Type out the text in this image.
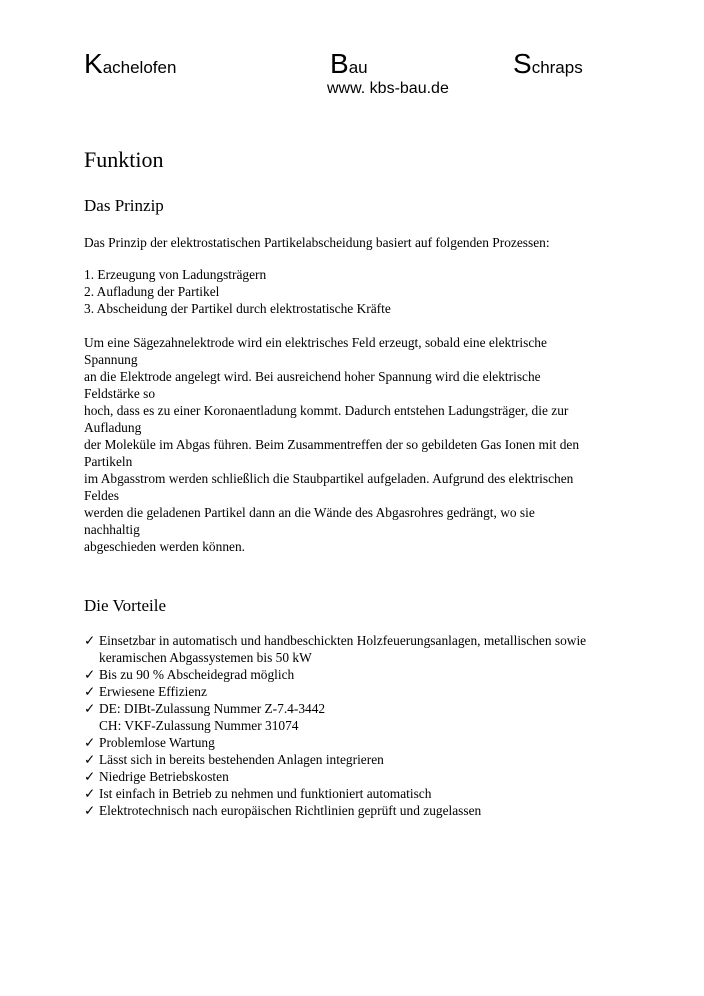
Kachelofen	Bau	Schraps
www. kbs-bau.de
Funktion
Das Prinzip
Das Prinzip der elektrostatischen Partikelabscheidung basiert auf folgenden Prozessen:
1. Erzeugung von Ladungsträgern
2. Aufladung der Partikel
3. Abscheidung der Partikel durch elektrostatische Kräfte
Um eine Sägezahnelektrode wird ein elektrisches Feld erzeugt, sobald eine elektrische
Spannung
an die Elektrode angelegt wird. Bei ausreichend hoher Spannung wird die elektrische
Feldstärke so
hoch, dass es zu einer Koronaentladung kommt. Dadurch entstehen Ladungsträger, die zur
Aufladung
der Moleküle im Abgas führen. Beim Zusammentreffen der so gebildeten Gas Ionen mit den
Partikeln
im Abgasstrom werden schließlich die Staubpartikel aufgeladen. Aufgrund des elektrischen
Feldes
werden die geladenen Partikel dann an die Wände des Abgasrohres gedrängt, wo sie
nachhaltig
abgeschieden werden können.
Die Vorteile
✓ Einsetzbar in automatisch und handbeschickten Holzfeuerungsanlagen, metallischen sowie
keramischen Abgassystemen bis 50 kW
✓ Bis zu 90 % Abscheidegrad möglich
✓ Erwiesene Effizienz
✓ DE: DIBt-Zulassung Nummer Z-7.4-3442
CH: VKF-Zulassung Nummer 31074
✓ Problemlose Wartung
✓ Lässt sich in bereits bestehenden Anlagen integrieren
✓ Niedrige Betriebskosten
✓ Ist einfach in Betrieb zu nehmen und funktioniert automatisch
✓ Elektrotechnisch nach europäischen Richtlinien geprüft und zugelassen
